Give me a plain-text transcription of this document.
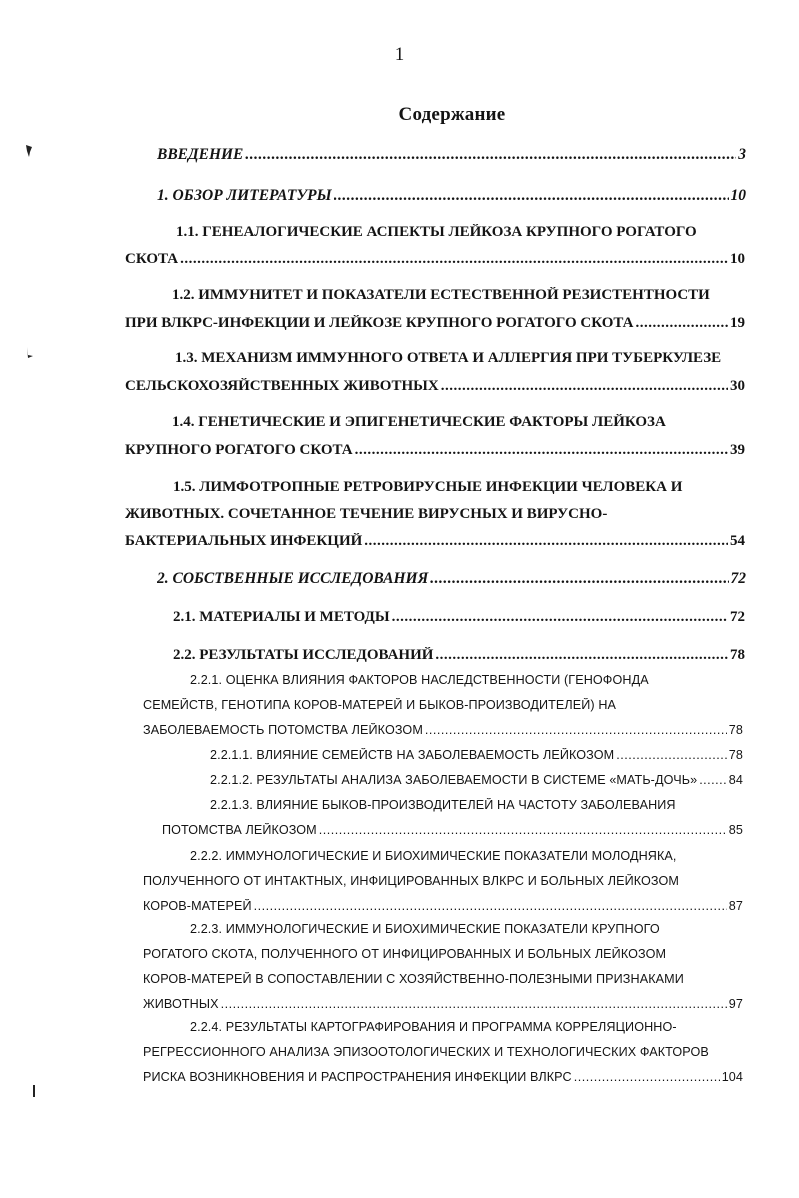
1
Содержание
ВВЕДЕНИЕ .....	3
1. ОБЗОР ЛИТЕРАТУРЫ .....	10
1.1. ГЕНЕАЛОГИЧЕСКИЕ АСПЕКТЫ ЛЕЙКОЗА КРУПНОГО РОГАТОГО
СКОТА .....	10
1.2. ИММУНИТЕТ И ПОКАЗАТЕЛИ ЕСТЕСТВЕННОЙ РЕЗИСТЕНТНОСТИ
ПРИ ВЛКРС-ИНФЕКЦИИ И ЛЕЙКОЗЕ КРУПНОГО РОГАТОГО СКОТА .....	19
1.3. МЕХАНИЗМ ИММУННОГО ОТВЕТА И АЛЛЕРГИЯ ПРИ ТУБЕРКУЛЕЗЕ
СЕЛЬСКОХОЗЯЙСТВЕННЫХ ЖИВОТНЫХ .....	30
1.4. ГЕНЕТИЧЕСКИЕ И ЭПИГЕНЕТИЧЕСКИЕ ФАКТОРЫ ЛЕЙКОЗА
КРУПНОГО РОГАТОГО СКОТА .....	39
1.5. ЛИМФОТРОПНЫЕ РЕТРОВИРУСНЫЕ ИНФЕКЦИИ ЧЕЛОВЕКА И
ЖИВОТНЫХ. СОЧЕТАННОЕ ТЕЧЕНИЕ ВИРУСНЫХ И ВИРУСНО-
БАКТЕРИАЛЬНЫХ ИНФЕКЦИЙ .....	54
2. СОБСТВЕННЫЕ ИССЛЕДОВАНИЯ .....	72
2.1. МАТЕРИАЛЫ И МЕТОДЫ .....	72
2.2. РЕЗУЛЬТАТЫ ИССЛЕДОВАНИЙ .....	78
2.2.1. ОЦЕНКА ВЛИЯНИЯ ФАКТОРОВ НАСЛЕДСТВЕННОСТИ (ГЕНОФОНДА
СЕМЕЙСТВ, ГЕНОТИПА КОРОВ-МАТЕРЕЙ И БЫКОВ-ПРОИЗВОДИТЕЛЕЙ) НА
ЗАБОЛЕВАЕМОСТЬ ПОТОМСТВА ЛЕЙКОЗОМ .....	78
2.2.1.1. ВЛИЯНИЕ СЕМЕЙСТВ НА ЗАБОЛЕВАЕМОСТЬ ЛЕЙКОЗОМ .....	78
2.2.1.2. РЕЗУЛЬТАТЫ АНАЛИЗА ЗАБОЛЕВАЕМОСТИ В СИСТЕМЕ «МАТЬ-ДОЧЬ» .....	84
2.2.1.3. ВЛИЯНИЕ БЫКОВ-ПРОИЗВОДИТЕЛЕЙ НА ЧАСТОТУ ЗАБОЛЕВАНИЯ
ПОТОМСТВА ЛЕЙКОЗОМ .....	85
2.2.2. ИММУНОЛОГИЧЕСКИЕ И БИОХИМИЧЕСКИЕ ПОКАЗАТЕЛИ МОЛОДНЯКА,
ПОЛУЧЕННОГО ОТ ИНТАКТНЫХ, ИНФИЦИРОВАННЫХ ВЛКРС И БОЛЬНЫХ ЛЕЙКОЗОМ
КОРОВ-МАТЕРЕЙ .....	87
2.2.3. ИММУНОЛОГИЧЕСКИЕ И БИОХИМИЧЕСКИЕ ПОКАЗАТЕЛИ КРУПНОГО
РОГАТОГО СКОТА, ПОЛУЧЕННОГО ОТ ИНФИЦИРОВАННЫХ И БОЛЬНЫХ ЛЕЙКОЗОМ
КОРОВ-МАТЕРЕЙ В СОПОСТАВЛЕНИИ С ХОЗЯЙСТВЕННО-ПОЛЕЗНЫМИ ПРИЗНАКАМИ
ЖИВОТНЫХ .....	97
2.2.4. РЕЗУЛЬТАТЫ КАРТОГРАФИРОВАНИЯ И ПРОГРАММА КОРРЕЛЯЦИОННО-
РЕГРЕССИОННОГО АНАЛИЗА ЭПИЗООТОЛОГИЧЕСКИХ И ТЕХНОЛОГИЧЕСКИХ ФАКТОРОВ
РИСКА ВОЗНИКНОВЕНИЯ И РАСПРОСТРАНЕНИЯ ИНФЕКЦИИ ВЛКРС .....	104
